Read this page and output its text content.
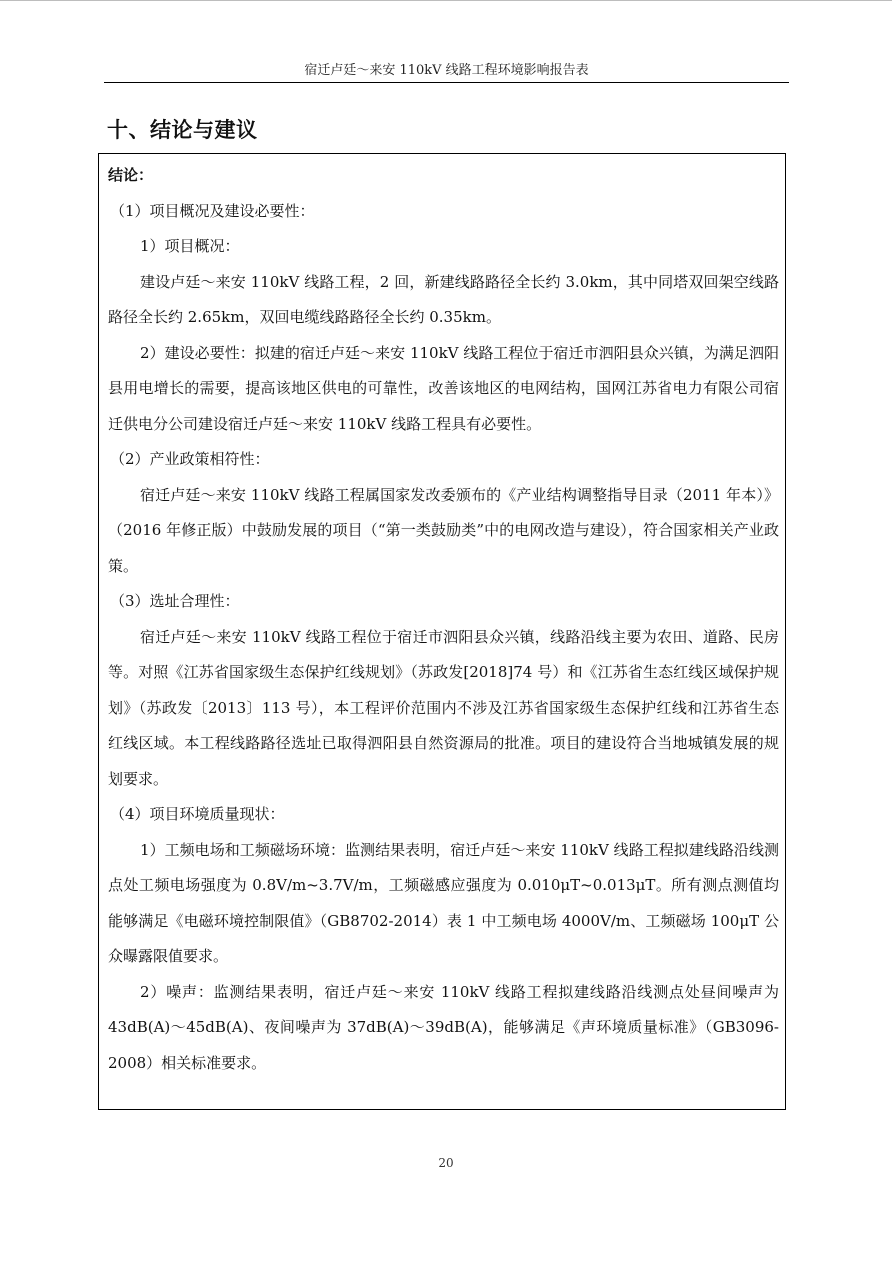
宿迁卢廷～来安 110kV 线路工程环境影响报告表
十、结论与建议

结论：

（1）项目概况及建设必要性：

1）项目概况：

建设卢廷～来安 110kV 线路工程，2 回，新建线路路径全长约 3.0km，其中同塔双回架空线路路径全长约 2.65km，双回电缆线路路径全长约 0.35km。

2）建设必要性：拟建的宿迁卢廷～来安 110kV 线路工程位于宿迁市泗阳县众兴镇，为满足泗阳县用电增长的需要，提高该地区供电的可靠性，改善该地区的电网结构，国网江苏省电力有限公司宿迁供电分公司建设宿迁卢廷～来安 110kV 线路工程具有必要性。

（2）产业政策相符性：

宿迁卢廷～来安 110kV 线路工程属国家发改委颁布的《产业结构调整指导目录（2011 年本）》（2016 年修正版）中鼓励发展的项目（“第一类鼓励类”中的电网改造与建设），符合国家相关产业政策。

（3）选址合理性：

宿迁卢廷～来安 110kV 线路工程位于宿迁市泗阳县众兴镇，线路沿线主要为农田、道路、民房等。对照《江苏省国家级生态保护红线规划》（苏政发[2018]74 号）和《江苏省生态红线区域保护规划》（苏政发〔2013〕113 号），本工程评价范围内不涉及江苏省国家级生态保护红线和江苏省生态红线区域。本工程线路路径选址已取得泗阳县自然资源局的批准。项目的建设符合当地城镇发展的规划要求。

（4）项目环境质量现状：

1）工频电场和工频磁场环境：监测结果表明，宿迁卢廷～来安 110kV 线路工程拟建线路沿线测点处工频电场强度为 0.8V/m~3.7V/m，工频磁感应强度为 0.010μT~0.013μT。所有测点测值均能够满足《电磁环境控制限值》（GB8702-2014）表 1 中工频电场 4000V/m、工频磁场 100μT 公众曝露限值要求。

2）噪声：监测结果表明，宿迁卢廷～来安 110kV 线路工程拟建线路沿线测点处昼间噪声为 43dB(A)～45dB(A)、夜间噪声为 37dB(A)～39dB(A)，能够满足《声环境质量标准》（GB3096-2008）相关标准要求。

20
